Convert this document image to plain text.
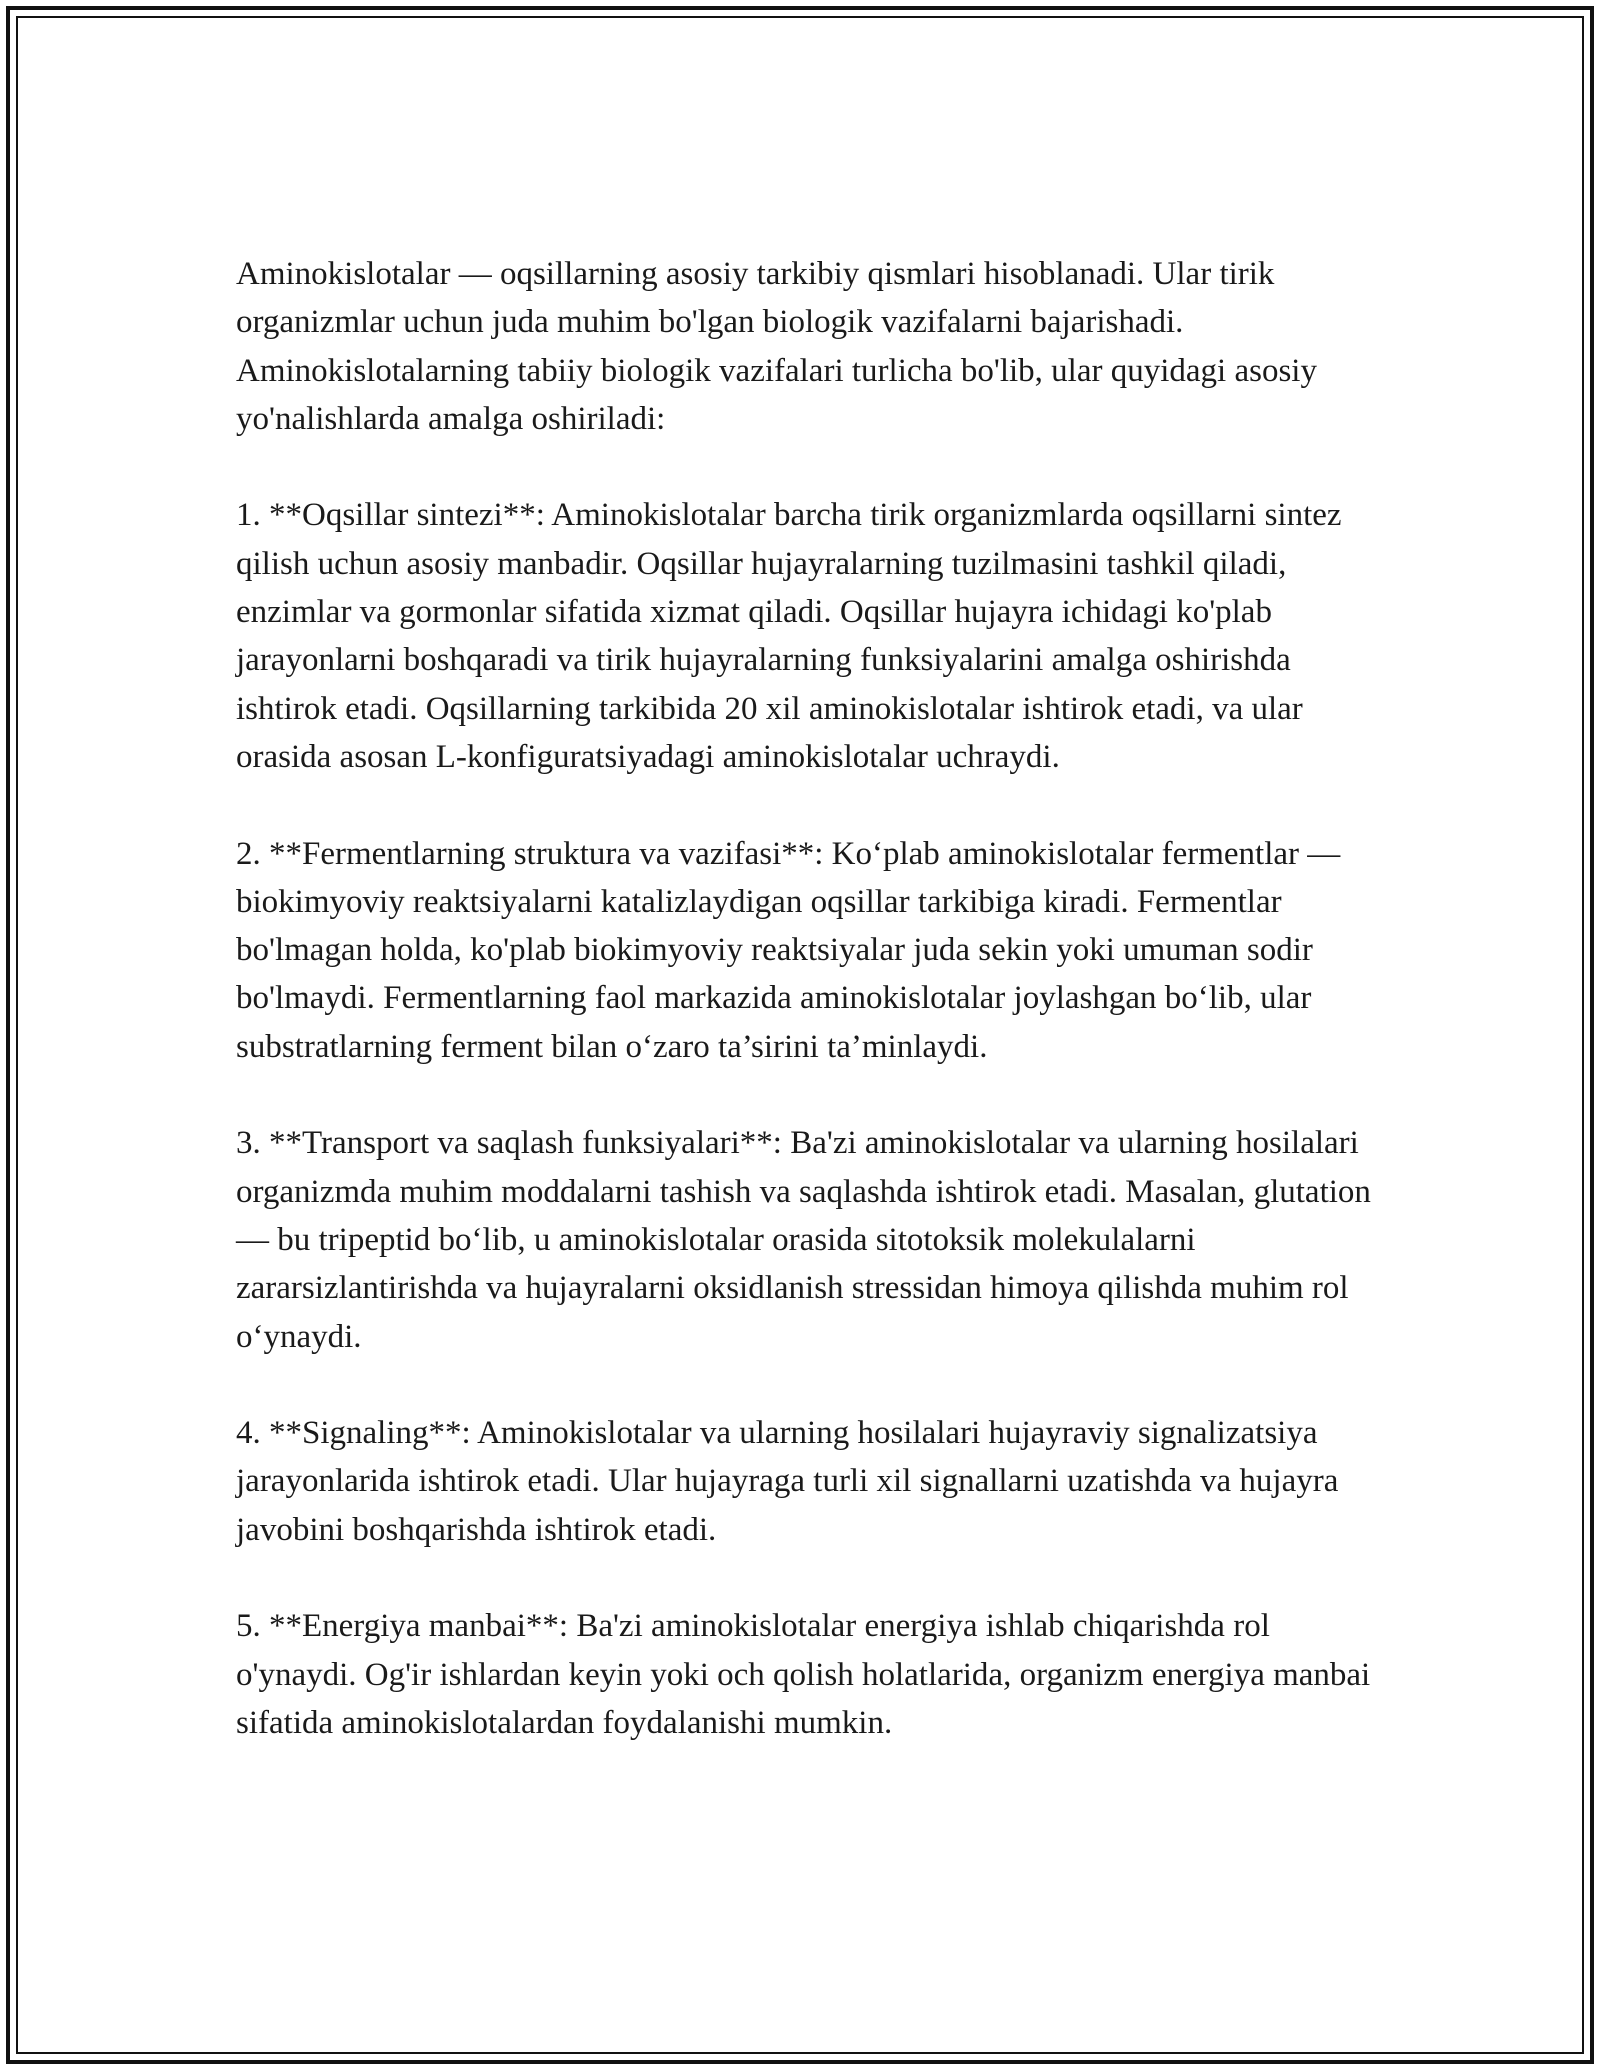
Aminokislotalar — oqsillarning asosiy tarkibiy qismlari hisoblanadi. Ular tirik organizmlar uchun juda muhim bo'lgan biologik vazifalarni bajarishadi. Aminokislotalarning tabiiy biologik vazifalari turlicha bo'lib, ular quyidagi asosiy yo'nalishlarda amalga oshiriladi:

1. **Oqsillar sintezi**: Aminokislotalar barcha tirik organizmlarda oqsillarni sintez qilish uchun asosiy manbadir. Oqsillar hujayralarning tuzilmasini tashkil qiladi, enzimlar va gormonlar sifatida xizmat qiladi. Oqsillar hujayra ichidagi ko'plab jarayonlarni boshqaradi va tirik hujayralarning funksiyalarini amalga oshirishda ishtirok etadi. Oqsillarning tarkibida 20 xil aminokislotalar ishtirok etadi, va ular orasida asosan L-konfiguratsiyadagi aminokislotalar uchraydi.

2. **Fermentlarning struktura va vazifasi**: Ko‘plab aminokislotalar fermentlar — biokimyoviy reaktsiyalarni katalizlaydigan oqsillar tarkibiga kiradi. Fermentlar bo'lmagan holda, ko'plab biokimyoviy reaktsiyalar juda sekin yoki umuman sodir bo'lmaydi. Fermentlarning faol markazida aminokislotalar joylashgan bo‘lib, ular substratlarning ferment bilan o‘zaro ta’sirini ta’minlaydi.

3. **Transport va saqlash funksiyalari**: Ba'zi aminokislotalar va ularning hosilalari organizmda muhim moddalarni tashish va saqlashda ishtirok etadi. Masalan, glutation — bu tripeptid bo‘lib, u aminokislotalar orasida sitotoksik molekulalarni zararsizlantirishda va hujayralarni oksidlanish stressidan himoya qilishda muhim rol o‘ynaydi.

4. **Signaling**: Aminokislotalar va ularning hosilalari hujayraviy signalizatsiya jarayonlarida ishtirok etadi. Ular hujayraga turli xil signallarni uzatishda va hujayra javobini boshqarishda ishtirok etadi.

5. **Energiya manbai**: Ba'zi aminokislotalar energiya ishlab chiqarishda rol o'ynaydi. Og'ir ishlardan keyin yoki och qolish holatlarida, organizm energiya manbai sifatida aminokislotalardan foydalanishi mumkin.
